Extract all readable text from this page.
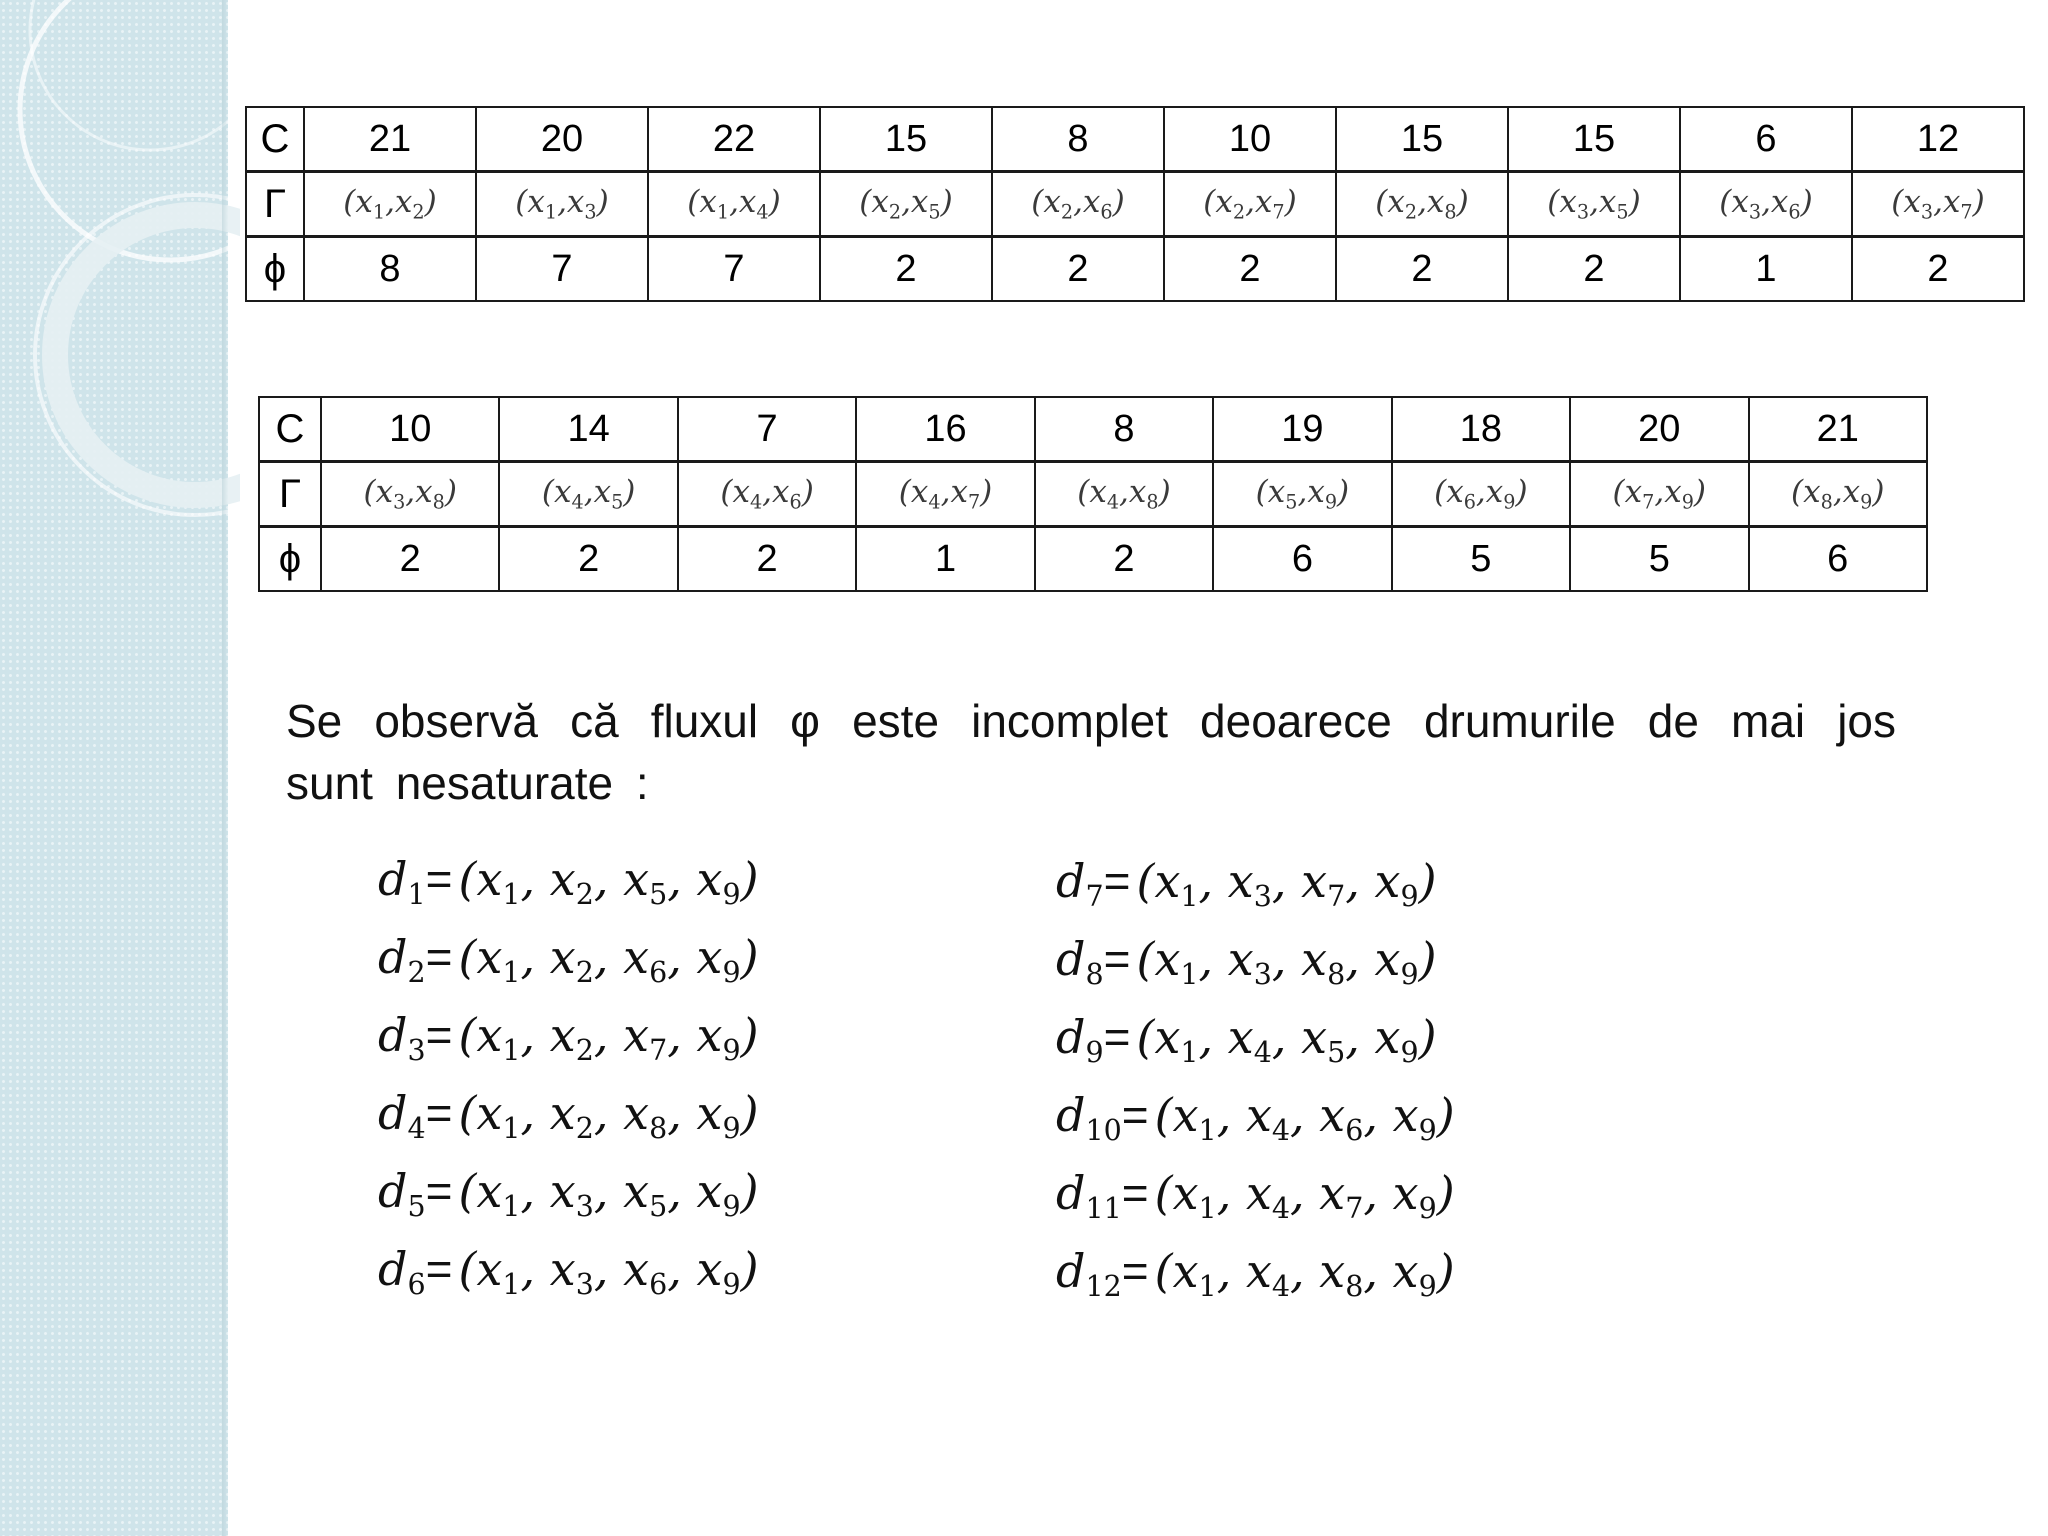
C	21	20	22	15	8	10	15	15	6	12
Γ	$(x_1,x_2)$	$(x_1,x_3)$	$(x_1,x_4)$	$(x_2,x_5)$	$(x_2,x_6)$	$(x_2,x_7)$	$(x_2,x_8)$	$(x_3,x_5)$	$(x_3,x_6)$	$(x_3,x_7)$
ϕ	8	7	7	2	2	2	2	2	1	2
C	10	14	7	16	8	19	18	20	21
Γ	$(x_3,x_8)$	$(x_4,x_5)$	$(x_4,x_6)$	$(x_4,x_7)$	$(x_4,x_8)$	$(x_5,x_9)$	$(x_6,x_9)$	$(x_7,x_9)$	$(x_8,x_9)$
ϕ	2	2	2	1	2	6	5	5	6

Se observă că fluxul φ este incomplet deoarece drumurile de mai jos sunt nesaturate :

$d_1= (x_1$, $x_2$, $x_5$, $x_9$)
$d_2= (x_1$, $x_2$, $x_6$, $x_9$)
$d_3= (x_1$, $x_2$, $x_7$, $x_9$)
$d_4= (x_1$, $x_2$, $x_8$, $x_9$)
$d_5= (x_1$, $x_3$, $x_5$, $x_9$)
$d_6= (x_1$, $x_3$, $x_6$, $x_9$)
$d_7= (x_1$, $x_3$, $x_7$, $x_9$)
$d_8= (x_1$, $x_3$, $x_8$, $x_9$)
$d_9= (x_1$, $x_4$, $x_5$, $x_9$)
$d_{10}= (x_1$, $x_4$, $x_6$, $x_9$)
$d_{11}= (x_1$, $x_4$, $x_7$, $x_9$)
$d_{12}= (x_1$, $x_4$, $x_8$, $x_9$)
